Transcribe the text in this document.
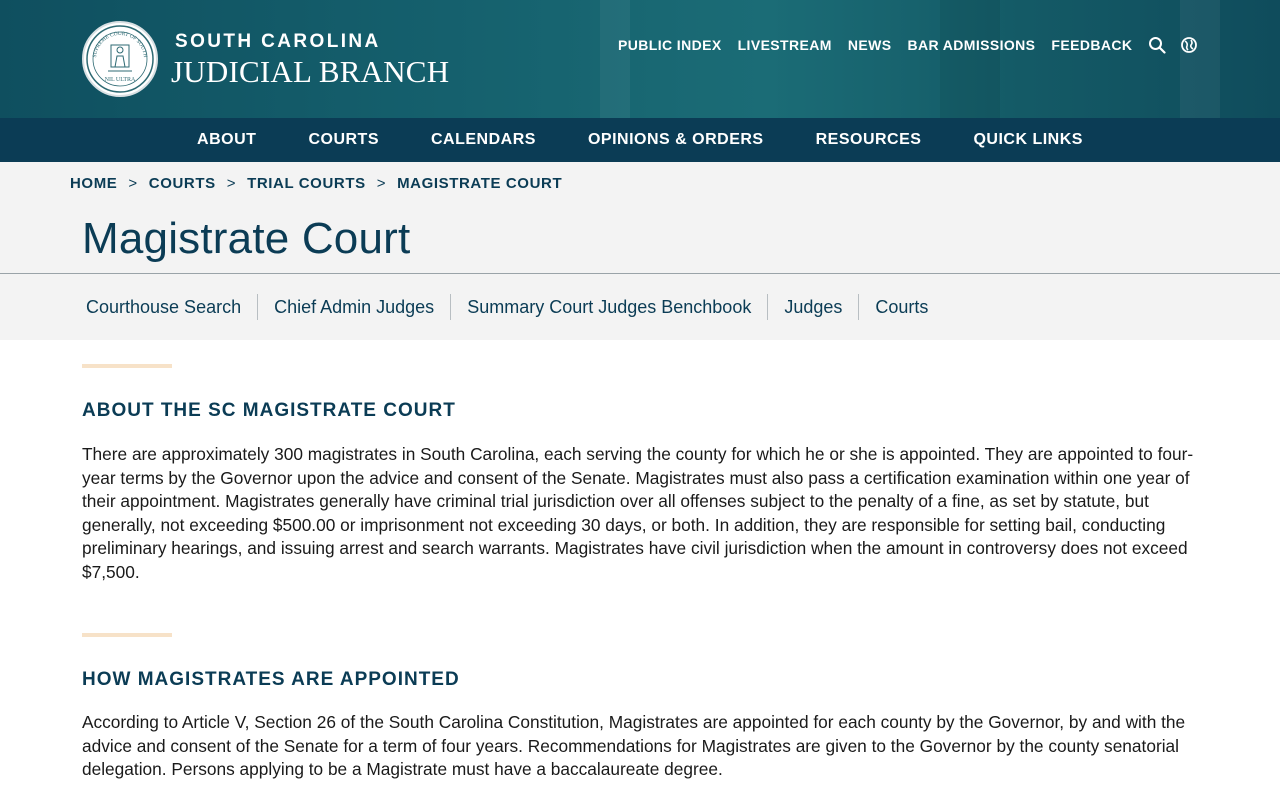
SUPREME COURT OF SOUTH
NIL ULTRA
SOUTH CAROLINA
JUDICIAL BRANCH
PUBLIC INDEX LIVESTREAM NEWS BAR ADMISSIONS FEEDBACK
ABOUT	COURTS	CALENDARS	OPINIONS & ORDERS	RESOURCES	QUICK LINKS
HOME > COURTS > TRIAL COURTS > MAGISTRATE COURT
Magistrate Court
Courthouse Search	Chief Admin Judges	Summary Court Judges Benchbook	Judges	Courts
ABOUT THE SC MAGISTRATE COURT

There are approximately 300 magistrates in South Carolina, each serving the county for which he or she is appointed. They are appointed to four-year terms by the Governor upon the advice and consent of the Senate. Magistrates must also pass a certification examination within one year of their appointment. Magistrates generally have criminal trial jurisdiction over all offenses subject to the penalty of a fine, as set by statute, but generally, not exceeding $500.00 or imprisonment not exceeding 30 days, or both. In addition, they are responsible for setting bail, conducting preliminary hearings, and issuing arrest and search warrants. Magistrates have civil jurisdiction when the amount in controversy does not exceed $7,500.

HOW MAGISTRATES ARE APPOINTED

According to Article V, Section 26 of the South Carolina Constitution, Magistrates are appointed for each county by the Governor, by and with the advice and consent of the Senate for a term of four years. Recommendations for Magistrates are given to the Governor by the county senatorial delegation. Persons applying to be a Magistrate must have a baccalaureate degree.
